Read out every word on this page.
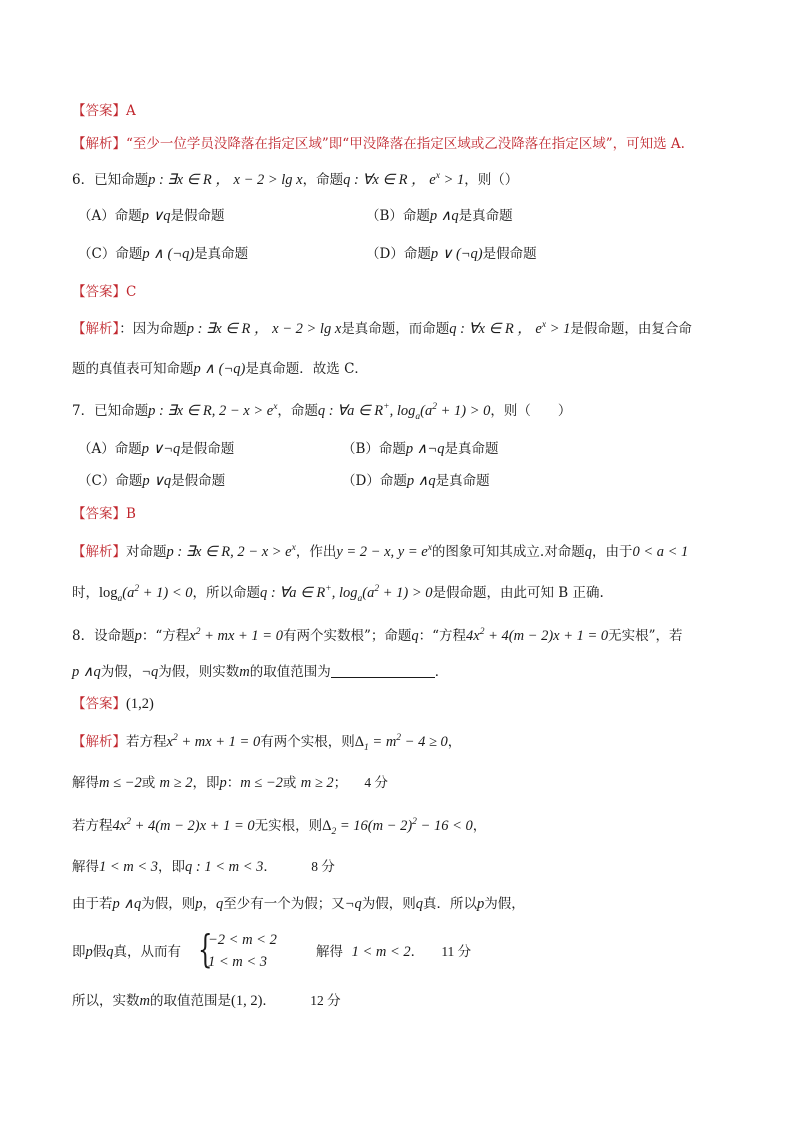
【答案】A
【解析】“至少一位学员没降落在指定区域”即“甲没降落在指定区域或乙没降落在指定区域”，可知选 A.
6．已知命题p : ∃x ∈ R ， x − 2 > lg x，命题q : ∀x ∈ R ， $e^x > 1$，则（）
（A）命题p ∨q是假命题	（B）命题p ∧q是真命题
（C）命题p ∧ (¬q)是真命题	（D）命题p ∨ (¬q)是假命题
【答案】C
【解析】：因为命题p : ∃x ∈ R ， x − 2 > lg x是真命题，而命题q : ∀x ∈ R ， $e^x > 1$是假命题，由复合命
题的真值表可知命题p ∧ (¬q)是真命题．故选 C．
7．已知命题p : ∃x ∈ R, $2 - x > e^x$，命题q : ∀a ∈ R+, $\log_a(a^2 + 1) > 0$，则（　　）
（A）命题p ∨¬q是假命题	（B）命题p ∧¬q是真命题
（C）命题p ∨q是假命题	（D）命题p ∧q是真命题
【答案】B
【解析】对命题p : ∃x ∈ R, $2 - x > e^x$，作出y = 2 − x, $y = e^x$的图象可知其成立.对命题q，由于0 < a < 1
时，$\log_a(a^2 + 1) < 0$，所以命题q : ∀a ∈ R+, $\log_a(a^2 + 1) > 0$是假命题，由此可知 B 正确.
8．设命题p：“方程$x^2$ + mx + 1 = 0有两个实数根”；命题q：“方程$4x^2 + 4(m - 2)x + 1 = 0$无实根”，若
p ∧q为假，¬q为假，则实数m的取值范围为	．
【答案】(1,2)
【解析】若方程$x^2$ + mx + 1 = 0有两个实根，则$\Delta_1 = m^2 - 4 \ge 0$，
解得m ≤ −2或 m ≥ 2，即p：m ≤ −2或 m ≥ 2； 4 分
若方程$4x^2 + 4(m - 2)x + 1 = 0$无实根，则$\Delta_2 = 16(m - 2)^2 - 16 < 0$，
解得1 < m < 3，即q : 1 < m < 3．	8 分
由于若p ∧q为假，则p，q至少有一个为假；又¬q为假，则q真．所以p为假，
即p假q真，从而有 {
−2 < m < 2
1 < m < 3
解得 1 < m < 2． 11 分
所以，实数m的取值范围是(1, 2)．	12 分
